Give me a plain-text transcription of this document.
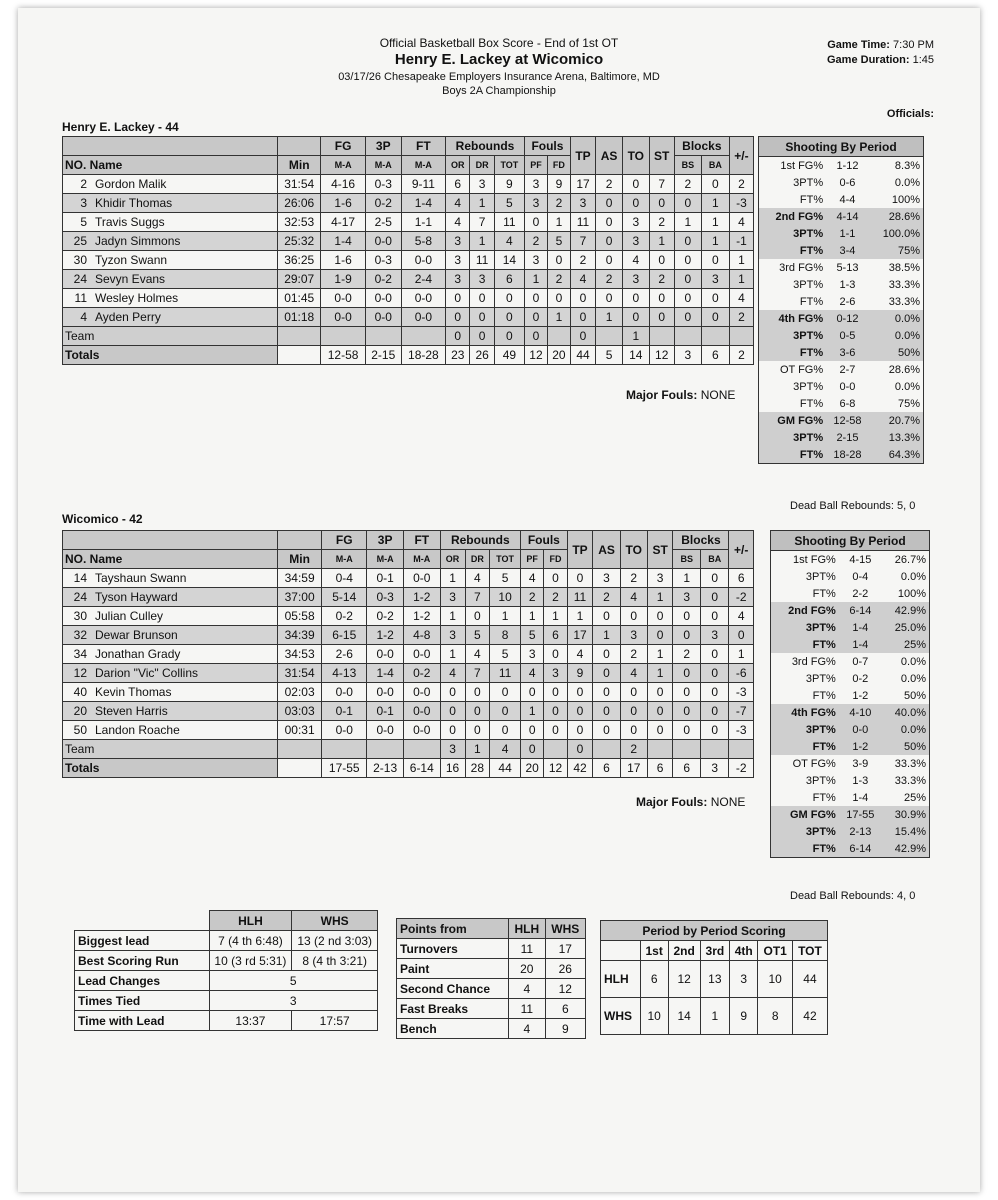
Official Basketball Box Score - End of 1st OT
Henry E. Lackey at Wicomico
03/17/26 Chesapeake Employers Insurance Arena, Baltimore, MD
Boys 2A Championship
Game Time: 7:30 PM
Game Duration: 1:45
Officials:
Henry E. Lackey - 44
			FG	3P	FT	Rebounds			Fouls		TP	AS	TO	ST	Blocks		+/-
NO. Name		Min	M-A	M-A	M-A	OR	DR	TOT	PF	FD					BS	BA	
2	Gordon Malik	31:54	4-16	0-3	9-11	6	3	9	3	9	17	2	0	7	2	0	2
3	Khidir Thomas	26:06	1-6	0-2	1-4	4	1	5	3	2	3	0	0	0	0	1	-3
5	Travis Suggs	32:53	4-17	2-5	1-1	4	7	11	0	1	11	0	3	2	1	1	4
25	Jadyn Simmons	25:32	1-4	0-0	5-8	3	1	4	2	5	7	0	3	1	0	1	-1
30	Tyzon Swann	36:25	1-6	0-3	0-0	3	11	14	3	0	2	0	4	0	0	0	1
24	Sevyn Evans	29:07	1-9	0-2	2-4	3	3	6	1	2	4	2	3	2	0	3	1
11	Wesley Holmes	01:45	0-0	0-0	0-0	0	0	0	0	0	0	0	0	0	0	0	4
4	Ayden Perry	01:18	0-0	0-0	0-0	0	0	0	0	1	0	1	0	0	0	0	2
Team						0	0	0	0		0		1				
Totals			12-58	2-15	18-28	23	26	49	12	20	44	5	14	12	3	6	2
Major Fouls: NONE
Shooting By Period		
1st FG%	1-12	8.3%
3PT%	0-6	0.0%
FT%	4-4	100%
2nd FG%	4-14	28.6%
3PT%	1-1	100.0%
FT%	3-4	75%
3rd FG%	5-13	38.5%
3PT%	1-3	33.3%
FT%	2-6	33.3%
4th FG%	0-12	0.0%
3PT%	0-5	0.0%
FT%	3-6	50%
OT FG%	2-7	28.6%
3PT%	0-0	0.0%
FT%	6-8	75%
GM FG%	12-58	20.7%
3PT%	2-15	13.3%
FT%	18-28	64.3%
Dead Ball Rebounds: 5, 0
Wicomico - 42
			FG	3P	FT	Rebounds			Fouls		TP	AS	TO	ST	Blocks		+/-
NO. Name		Min	M-A	M-A	M-A	OR	DR	TOT	PF	FD					BS	BA	
14	Tayshaun Swann	34:59	0-4	0-1	0-0	1	4	5	4	0	0	3	2	3	1	0	6
24	Tyson Hayward	37:00	5-14	0-3	1-2	3	7	10	2	2	11	2	4	1	3	0	-2
30	Julian Culley	05:58	0-2	0-2	1-2	1	0	1	1	1	1	0	0	0	0	0	4
32	Dewar Brunson	34:39	6-15	1-2	4-8	3	5	8	5	6	17	1	3	0	0	3	0
34	Jonathan Grady	34:53	2-6	0-0	0-0	1	4	5	3	0	4	0	2	1	2	0	1
12	Darion "Vic" Collins	31:54	4-13	1-4	0-2	4	7	11	4	3	9	0	4	1	0	0	-6
40	Kevin Thomas	02:03	0-0	0-0	0-0	0	0	0	0	0	0	0	0	0	0	0	-3
20	Steven Harris	03:03	0-1	0-1	0-0	0	0	0	1	0	0	0	0	0	0	0	-7
50	Landon Roache	00:31	0-0	0-0	0-0	0	0	0	0	0	0	0	0	0	0	0	-3
Team						3	1	4	0		0		2				
Totals			17-55	2-13	6-14	16	28	44	20	12	42	6	17	6	6	3	-2
Major Fouls: NONE
Shooting By Period		
1st FG%	4-15	26.7%
3PT%	0-4	0.0%
FT%	2-2	100%
2nd FG%	6-14	42.9%
3PT%	1-4	25.0%
FT%	1-4	25%
3rd FG%	0-7	0.0%
3PT%	0-2	0.0%
FT%	1-2	50%
4th FG%	4-10	40.0%
3PT%	0-0	0.0%
FT%	1-2	50%
OT FG%	3-9	33.3%
3PT%	1-3	33.3%
FT%	1-4	25%
GM FG%	17-55	30.9%
3PT%	2-13	15.4%
FT%	6-14	42.9%
Dead Ball Rebounds: 4, 0
	HLH	WHS
Biggest lead	7 (4 th 6:48)	13 (2 nd 3:03)
Best Scoring Run	10 (3 rd 5:31)	8 (4 th 3:21)
Lead Changes	5	
Times Tied	3	
Time with Lead	13:37	17:57
Points from	HLH	WHS
Turnovers	11	17
Paint	20	26
Second Chance	4	12
Fast Breaks	11	6
Bench	4	9
Period by Period Scoring						
	1st	2nd	3rd	4th	OT1	TOT
HLH	6	12	13	3	10	44
WHS	10	14	1	9	8	42
